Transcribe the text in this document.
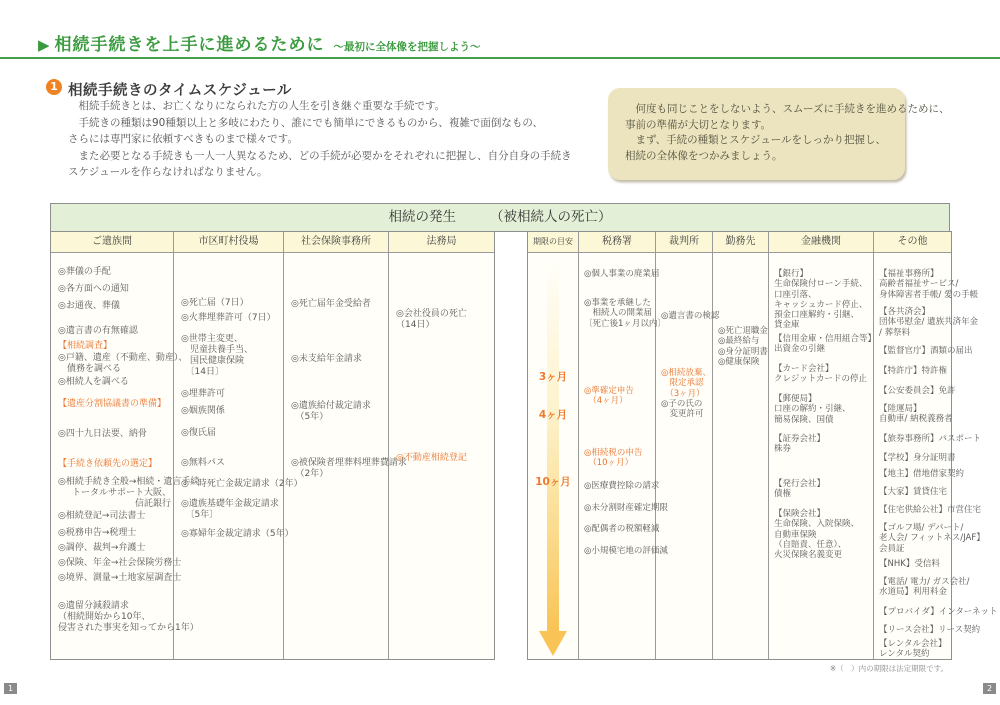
▶ 相続手続きを上手に進めるために ～最初に全体像を把握しよう～
1 相続手続きのタイムスケジュール
　相続手続きとは、お亡くなりになられた方の人生を引き継ぐ重要な手続です。
　手続きの種類は90種類以上と多岐にわたり、誰にでも簡単にできるものから、複雑で面倒なもの、
さらには専門家に依頼すべきものまで様々です。
　また必要となる手続きも一人一人異なるため、どの手続が必要かをそれぞれに把握し、自分自身の手続き
スケジュールを作らなければなりません。
　何度も同じことをしないよう、スムーズに手続きを進めるために、
事前の準備が大切となります。
　まず、手続の種類とスケジュールをしっかり把握し、
相続の全体像をつかみましょう。
相続の発生	（被相続人の死亡）
ご遺族間
◎葬儀の手配
◎各方面への通知
◎お通夜、葬儀
◎遺言書の有無確認
【相続調査】
◎戸籍、遺産（不動産、動産）、
　債務を調べる
◎相続人を調べる
【遺産分割協議書の準備】
◎四十九日法要、納骨
【手続き依頼先の選定】
◎相続手続き全般→相続・遺言手続
トータルサポート大阪、
信託銀行
◎相続登記→司法書士
◎税務申告→税理士
◎調停、裁判→弁護士
◎保険、年金→社会保険労務士
◎境界、測量→土地家屋調査士
◎遺留分減殺請求
（相続開始から10年、
侵害された事実を知ってから1年）
市区町村役場
◎死亡届（7日）
◎火葬埋葬許可（7日）
◎世帯主変更、
　児童扶養手当、
　国民健康保険
　〔14日〕
◎埋葬許可
◎姻族関係
◎復氏届
◎無料パス
◎一時死亡金裁定請求（2年）
◎遺族基礎年金裁定請求
　〔5年〕
◎寡婦年金裁定請求（5年）
社会保険事務所
◎死亡届年金受給者
◎未支給年金請求
◎遺族給付裁定請求
　（5年）
◎被保険者埋葬料埋葬費請求
　（2年）
法務局
◎会社役員の死亡
（14日）
◎不動産相続登記
期限の目安
3ヶ月
4ヶ月
10ヶ月
税務署
◎個人事業の廃業届
◎事業を承継した
　相続人の開業届
〔死亡後1ヶ月以内〕
◎準確定申告
　（4ヶ月）
◎相続税の申告
　（10ヶ月）
◎医療費控除の請求
◎未分割財産確定期限
◎配偶者の税額軽減
◎小規模宅地の評価減
裁判所
◎遺言書の検認
◎相続放棄、
　限定承認
　（3ヶ月）
◎子の氏の
　変更許可
勤務先
◎死亡退職金
◎最終給与
◎身分証明書
◎健康保険
金融機関
【銀行】
生命保険付ローン手続、
口座引落、
キャッシュカード停止、
預金口座解約・引継、
貸金庫
【信用金庫・信用組合等】
出資金の引継
【カード会社】
クレジットカードの停止
【郵便局】
口座の解約・引継、
簡易保険、国債
【証券会社】
株券
【発行会社】
債権
【保険会社】
生命保険、入院保険、
自動車保険
（自賠責、任意）、
火災保険名義変更
その他
【福祉事務所】
高齢者福祉サービス/
身体障害者手帳/ 愛の手帳
【各共済会】
団体弔慰金/ 遺族共済年金
/ 葬祭料
【監督官庁】酒類の届出
【特許庁】特許権
【公安委員会】免許
【陸運局】
自動車/ 納税義務者
【旅券事務所】パスポート
【学校】身分証明書
【地主】借地借家契約
【大家】賃貸住宅
【住宅供給公社】市営住宅
【ゴルフ場/ デパート/
老人会/ フィットネス/JAF】
会員証
【NHK】受信料
【電話/ 電力/ ガス会社/
水道局】利用料金
【プロバイダ】インターネット
【リース会社】リース契約
【レンタル会社】
レンタル契約
※（　）内の期限は法定期限です。
1	2
